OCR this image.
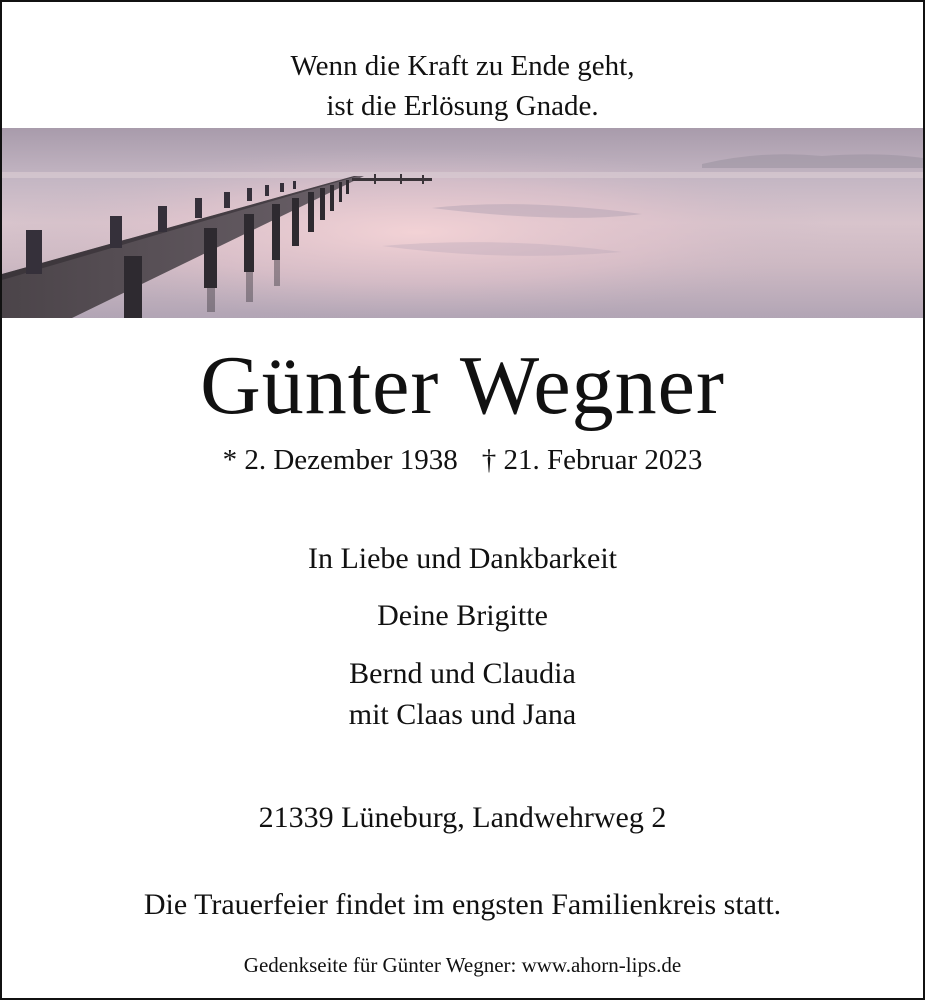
Wenn die Kraft zu Ende geht,
ist die Erlösung Gnade.
Günter Wegner
* 2. Dezember 1938 † 21. Februar 2023
In Liebe und Dankbarkeit
Deine Brigitte
Bernd und Claudia
mit Claas und Jana
21339 Lüneburg, Landwehrweg 2
Die Trauerfeier findet im engsten Familienkreis statt.
Gedenkseite für Günter Wegner: www.ahorn-lips.de
